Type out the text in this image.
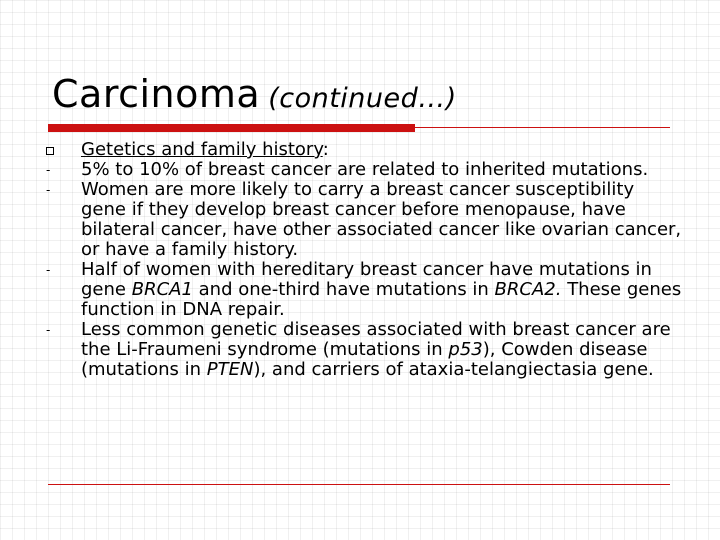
Carcinoma (continued…)
Getetics and family history:
- 5% to 10% of breast cancer are related to inherited mutations.
- Women are more likely to carry a breast cancer susceptibility gene if they develop breast cancer before menopause, have bilateral cancer, have other associated cancer like ovarian cancer, or have a family history.
- Half of women with hereditary breast cancer have mutations in gene BRCA1 and one-third have mutations in BRCA2. These genes function in DNA repair.
- Less common genetic diseases associated with breast cancer are the Li-Fraumeni syndrome (mutations in p53), Cowden disease (mutations in PTEN), and carriers of ataxia-telangiectasia gene.
